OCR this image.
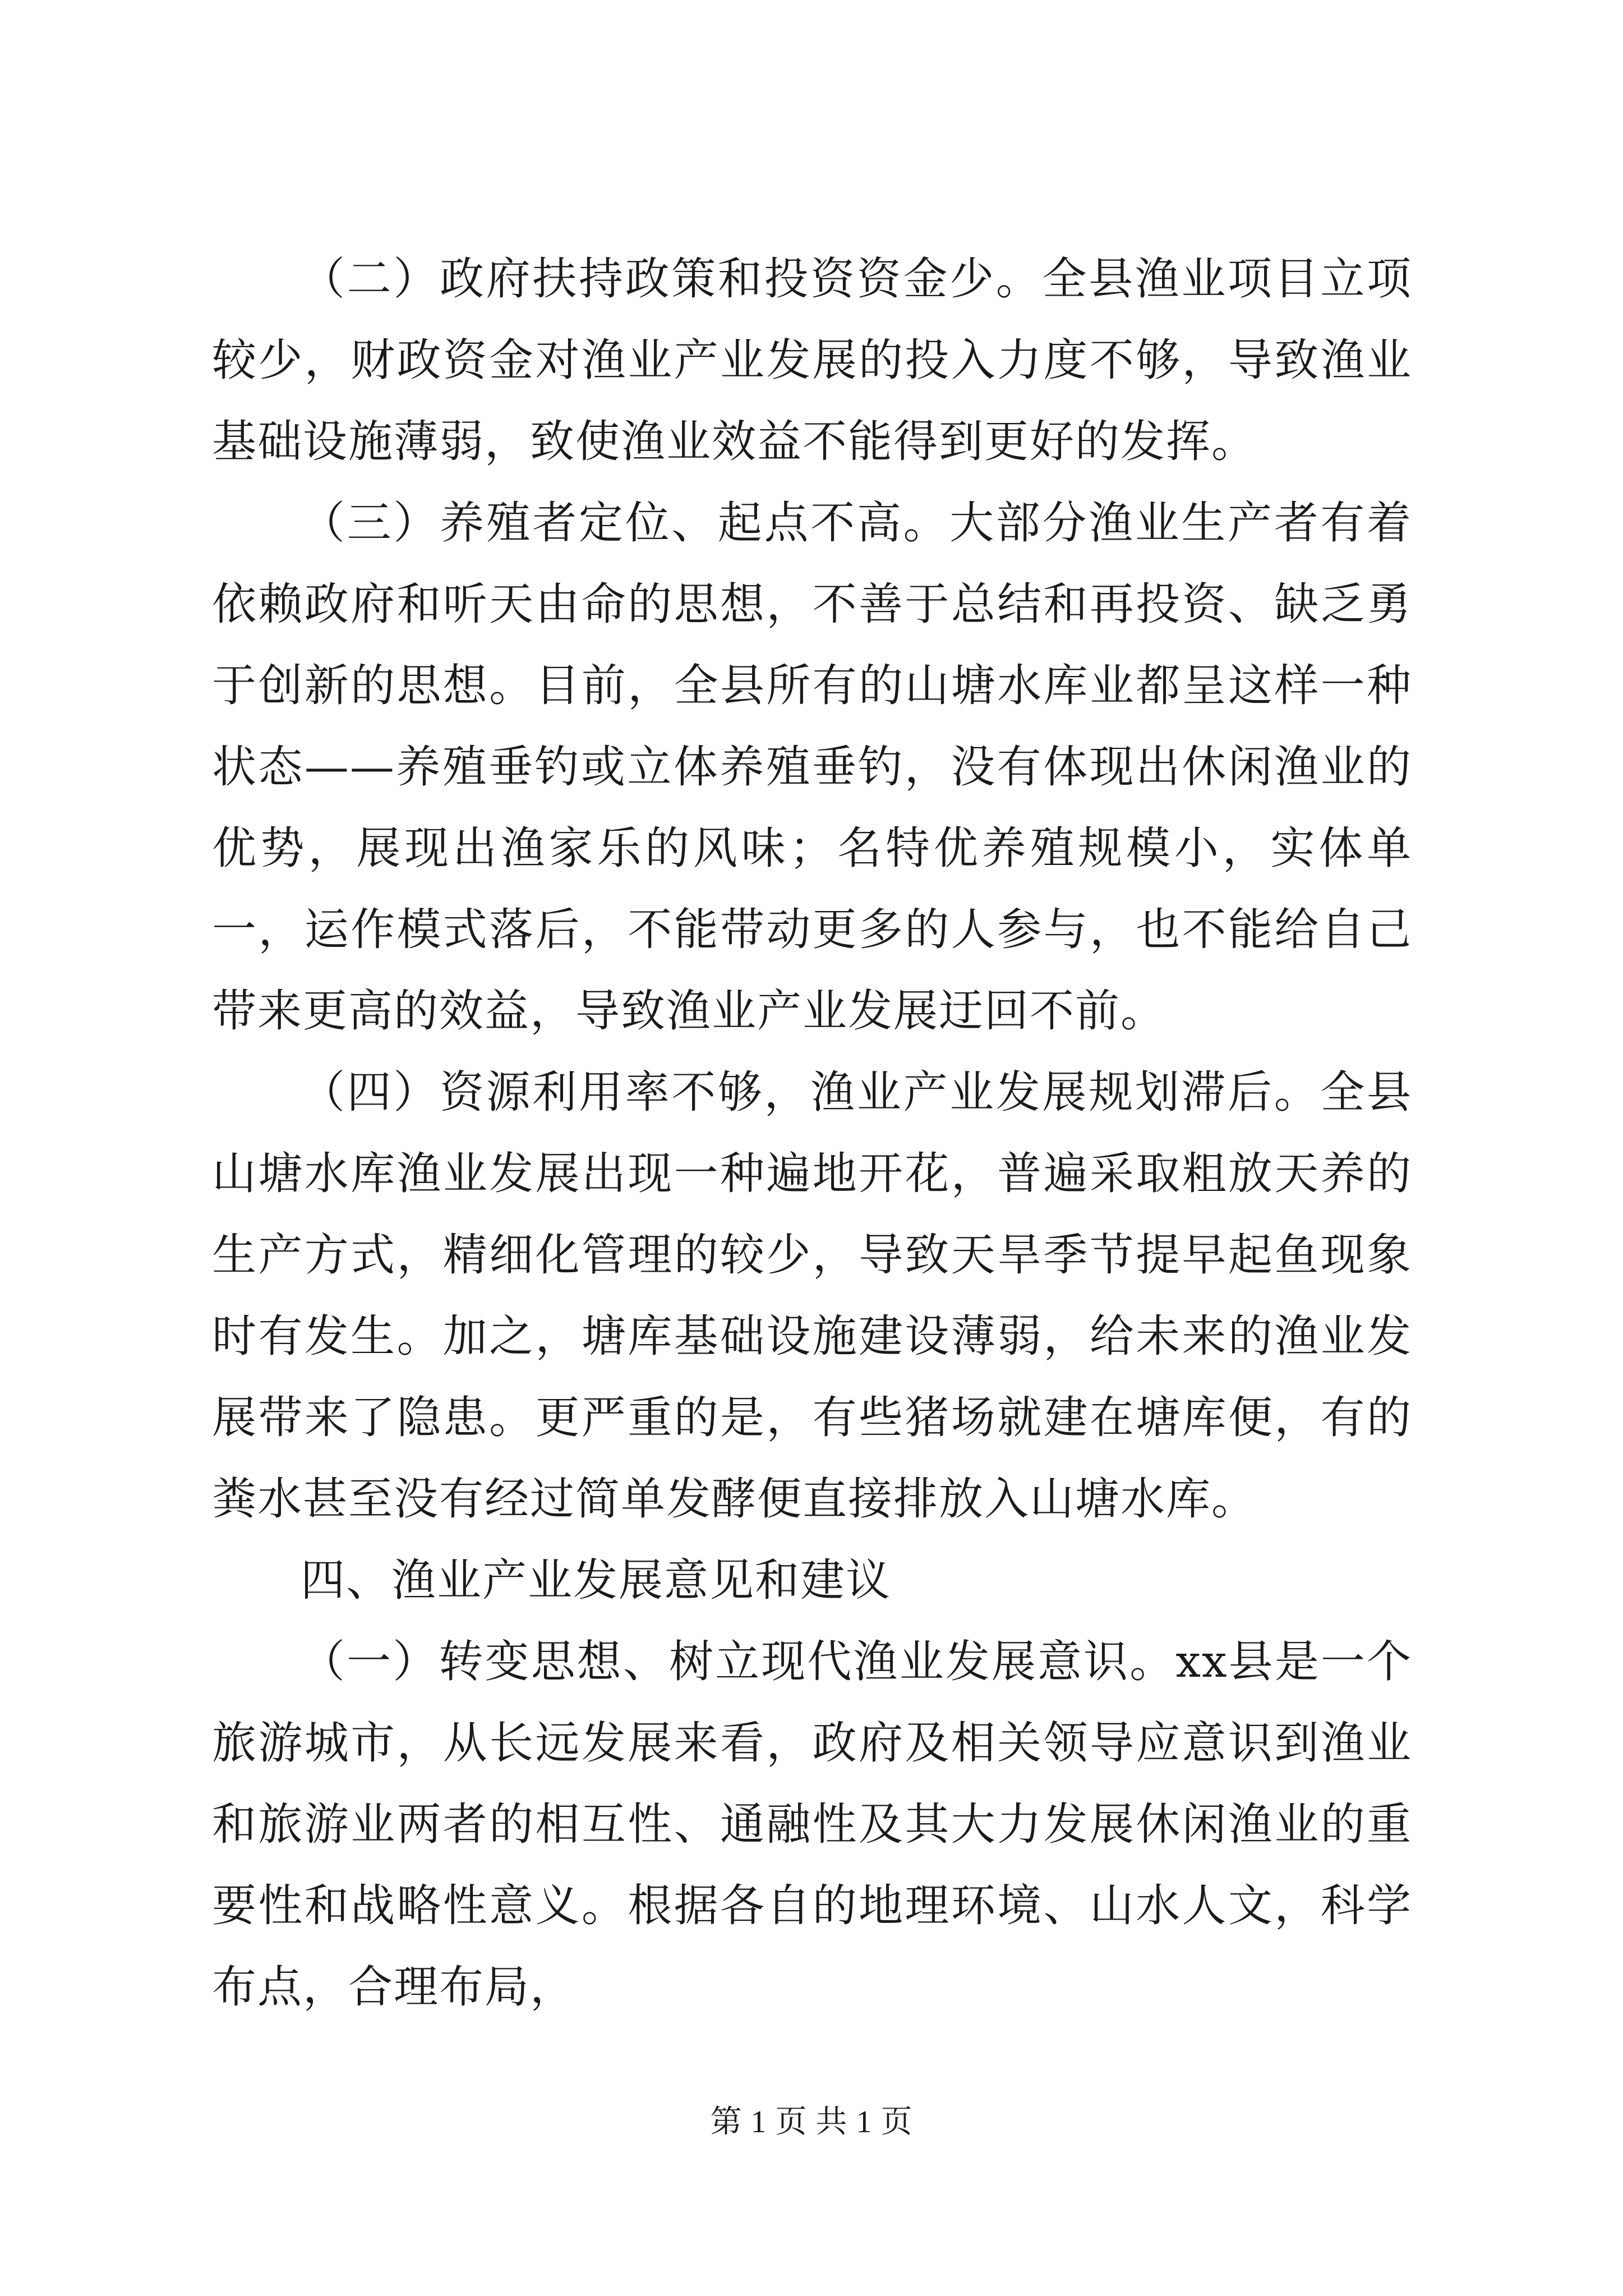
（二）政府扶持政策和投资资金少。全县渔业项目立项较少，财政资金对渔业产业发展的投入力度不够，导致渔业基础设施薄弱，致使渔业效益不能得到更好的发挥。

（三）养殖者定位、起点不高。大部分渔业生产者有着依赖政府和听天由命的思想，不善于总结和再投资、缺乏勇于创新的思想。目前，全县所有的山塘水库业都呈这样一种状态——养殖垂钓或立体养殖垂钓，没有体现出休闲渔业的优势，展现出渔家乐的风味；名特优养殖规模小，实体单一，运作模式落后，不能带动更多的人参与，也不能给自己带来更高的效益，导致渔业产业发展迂回不前。

（四）资源利用率不够，渔业产业发展规划滞后。全县山塘水库渔业发展出现一种遍地开花，普遍采取粗放天养的生产方式，精细化管理的较少，导致天旱季节提早起鱼现象时有发生。加之，塘库基础设施建设薄弱，给未来的渔业发展带来了隐患。更严重的是，有些猪场就建在塘库便，有的粪水甚至没有经过简单发酵便直接排放入山塘水库。

四、渔业产业发展意见和建议

（一）转变思想、树立现代渔业发展意识。xx县是一个旅游城市，从长远发展来看，政府及相关领导应意识到渔业和旅游业两者的相互性、通融性及其大力发展休闲渔业的重要性和战略性意义。根据各自的地理环境、山水人文，科学布点，合理布局，

第 1 页 共 1 页
